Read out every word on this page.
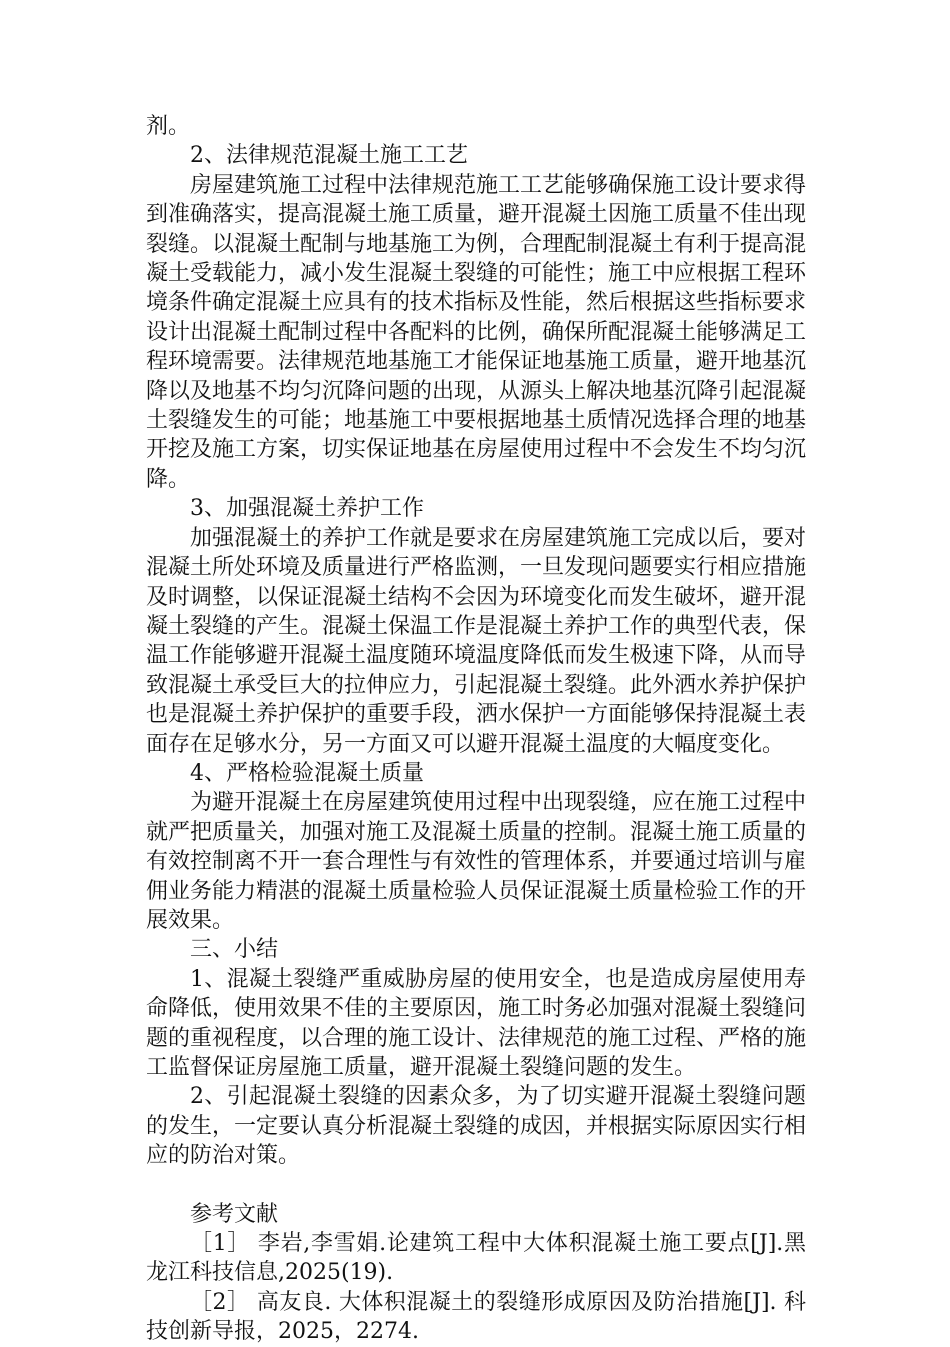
剂。

2、法律规范混凝土施工工艺

房屋建筑施工过程中法律规范施工工艺能够确保施工设计要求得到准确落实，提高混凝土施工质量，避开混凝土因施工质量不佳出现裂缝。以混凝土配制与地基施工为例，合理配制混凝土有利于提高混凝土受载能力，减小发生混凝土裂缝的可能性；施工中应根据工程环境条件确定混凝土应具有的技术指标及性能，然后根据这些指标要求设计出混凝土配制过程中各配料的比例，确保所配混凝土能够满足工程环境需要。法律规范地基施工才能保证地基施工质量，避开地基沉降以及地基不均匀沉降问题的出现，从源头上解决地基沉降引起混凝土裂缝发生的可能；地基施工中要根据地基土质情况选择合理的地基开挖及施工方案，切实保证地基在房屋使用过程中不会发生不均匀沉降。

3、加强混凝土养护工作

加强混凝土的养护工作就是要求在房屋建筑施工完成以后，要对混凝土所处环境及质量进行严格监测，一旦发现问题要实行相应措施及时调整，以保证混凝土结构不会因为环境变化而发生破坏，避开混凝土裂缝的产生。混凝土保温工作是混凝土养护工作的典型代表，保温工作能够避开混凝土温度随环境温度降低而发生极速下降，从而导致混凝土承受巨大的拉伸应力，引起混凝土裂缝。此外洒水养护保护也是混凝土养护保护的重要手段，洒水保护一方面能够保持混凝土表面存在足够水分，另一方面又可以避开混凝土温度的大幅度变化。

4、严格检验混凝土质量

为避开混凝土在房屋建筑使用过程中出现裂缝，应在施工过程中就严把质量关，加强对施工及混凝土质量的控制。混凝土施工质量的有效控制离不开一套合理性与有效性的管理体系，并要通过培训与雇佣业务能力精湛的混凝土质量检验人员保证混凝土质量检验工作的开展效果。

三、小结

1、混凝土裂缝严重威胁房屋的使用安全，也是造成房屋使用寿命降低，使用效果不佳的主要原因，施工时务必加强对混凝土裂缝问题的重视程度，以合理的施工设计、法律规范的施工过程、严格的施工监督保证房屋施工质量，避开混凝土裂缝问题的发生。

2、引起混凝土裂缝的因素众多，为了切实避开混凝土裂缝问题的发生，一定要认真分析混凝土裂缝的成因，并根据实际原因实行相应的防治对策。

参考文献

［1］ 李岩,李雪娟.论建筑工程中大体积混凝土施工要点[J].黑龙江科技信息,2025(19).

［2］ 高友良. 大体积混凝土的裂缝形成原因及防治措施[J]. 科技创新导报，2025，2274.
